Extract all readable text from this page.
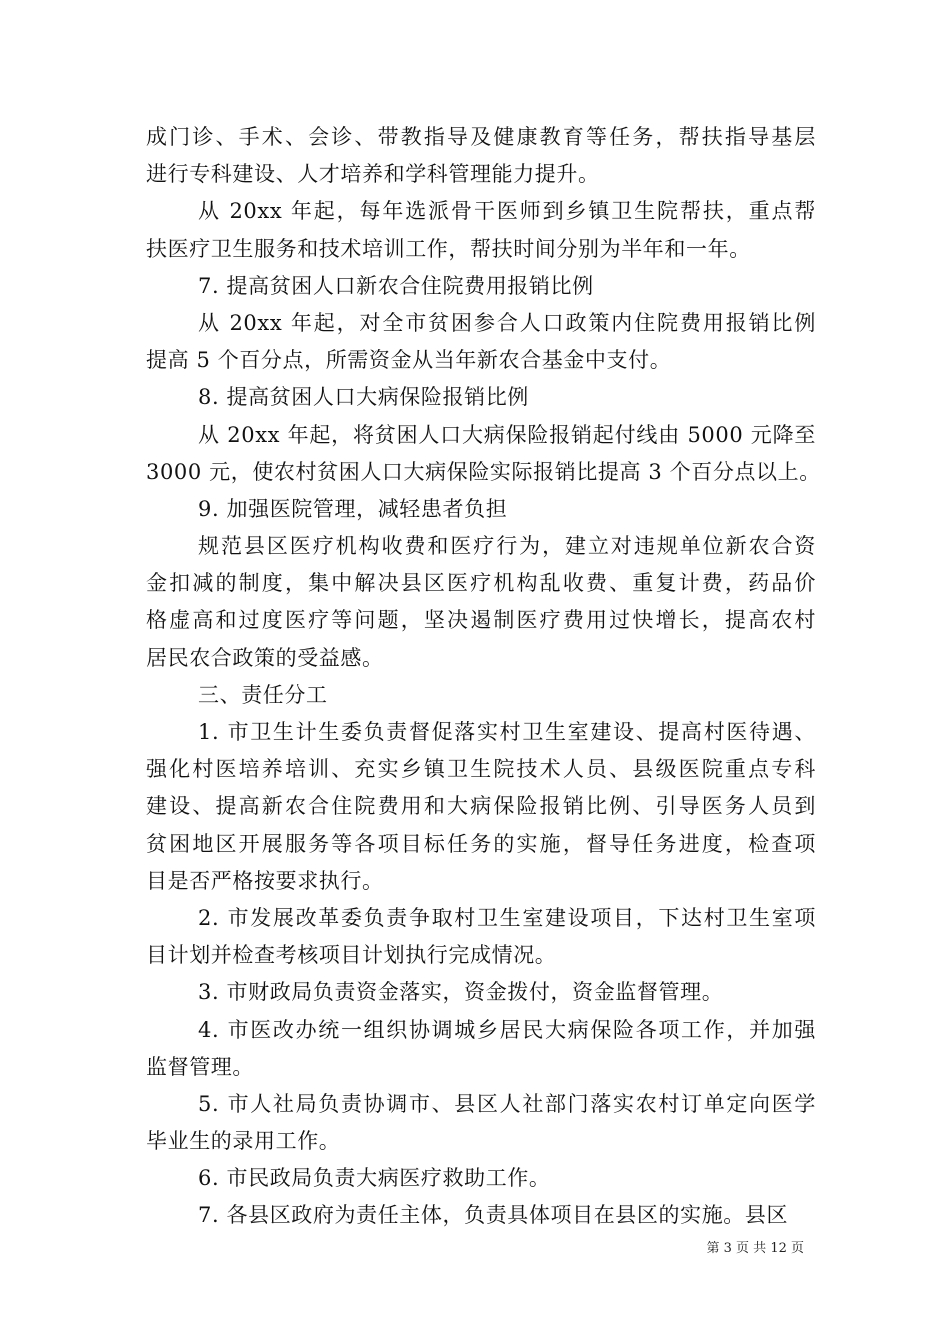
成门诊、手术、会诊、带教指导及健康教育等任务，帮扶指导基层
进行专科建设、人才培养和学科管理能力提升。
从 20xx 年起，每年选派骨干医师到乡镇卫生院帮扶，重点帮
扶医疗卫生服务和技术培训工作，帮扶时间分别为半年和一年。
7. 提高贫困人口新农合住院费用报销比例
从 20xx 年起，对全市贫困参合人口政策内住院费用报销比例
提高 5 个百分点，所需资金从当年新农合基金中支付。
8. 提高贫困人口大病保险报销比例
从 20xx 年起，将贫困人口大病保险报销起付线由 5000 元降至
3000 元，使农村贫困人口大病保险实际报销比提高 3 个百分点以上。
9. 加强医院管理，减轻患者负担
规范县区医疗机构收费和医疗行为，建立对违规单位新农合资
金扣减的制度，集中解决县区医疗机构乱收费、重复计费，药品价
格虚高和过度医疗等问题，坚决遏制医疗费用过快增长，提高农村
居民农合政策的受益感。
三、责任分工
1. 市卫生计生委负责督促落实村卫生室建设、提高村医待遇、
强化村医培养培训、充实乡镇卫生院技术人员、县级医院重点专科
建设、提高新农合住院费用和大病保险报销比例、引导医务人员到
贫困地区开展服务等各项目标任务的实施，督导任务进度，检查项
目是否严格按要求执行。
2. 市发展改革委负责争取村卫生室建设项目，下达村卫生室项
目计划并检查考核项目计划执行完成情况。
3. 市财政局负责资金落实，资金拨付，资金监督管理。
4. 市医改办统一组织协调城乡居民大病保险各项工作，并加强
监督管理。
5. 市人社局负责协调市、县区人社部门落实农村订单定向医学
毕业生的录用工作。
6. 市民政局负责大病医疗救助工作。
7. 各县区政府为责任主体，负责具体项目在县区的实施。县区
第 3 页 共 12 页
